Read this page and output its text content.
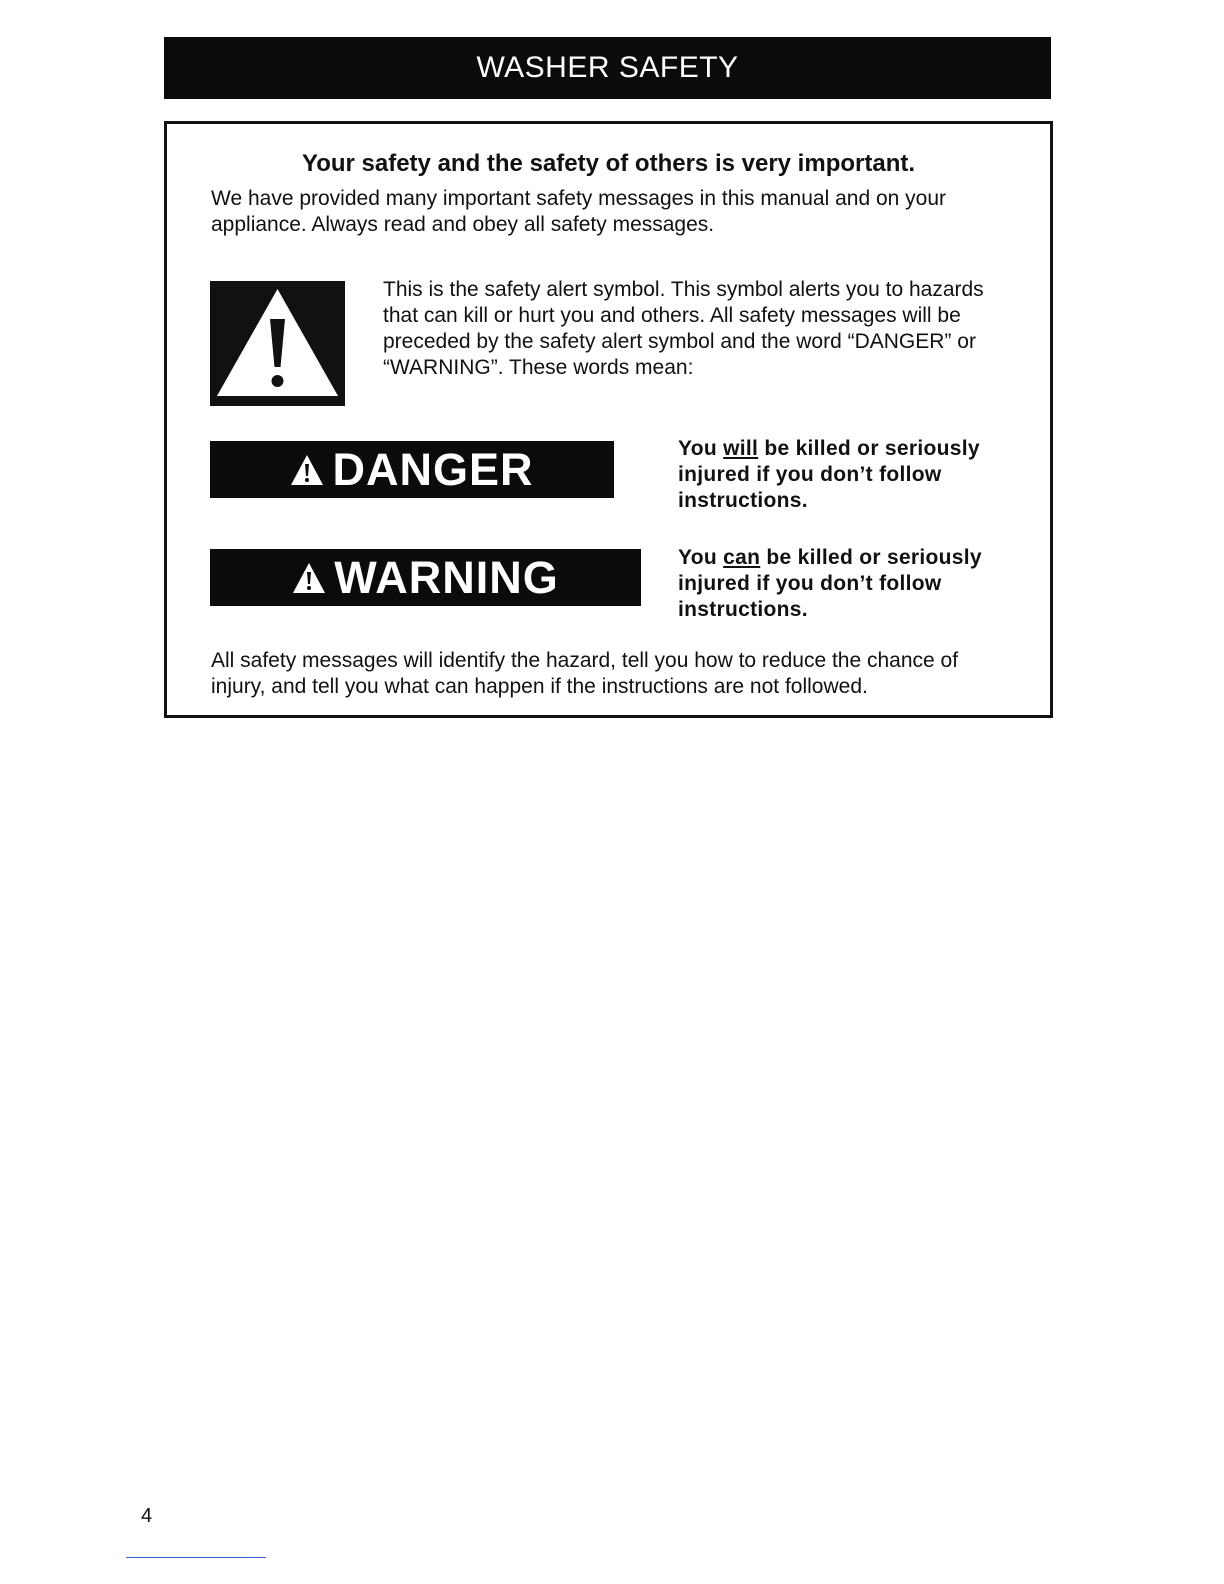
WASHER SAFETY
Your safety and the safety of others is very important.
We have provided many important safety messages in this manual and on your appliance. Always read and obey all safety messages.
This is the safety alert symbol. This symbol alerts you to hazards that can kill or hurt you and others. All safety messages will be preceded by the safety alert symbol and the word “DANGER” or “WARNING”. These words mean:
DANGER	You will be killed or seriously injured if you don’t follow instructions.
WARNING	You can be killed or seriously injured if you don’t follow instructions.
All safety messages will identify the hazard, tell you how to reduce the chance of injury, and tell you what can happen if the instructions are not followed.
4
